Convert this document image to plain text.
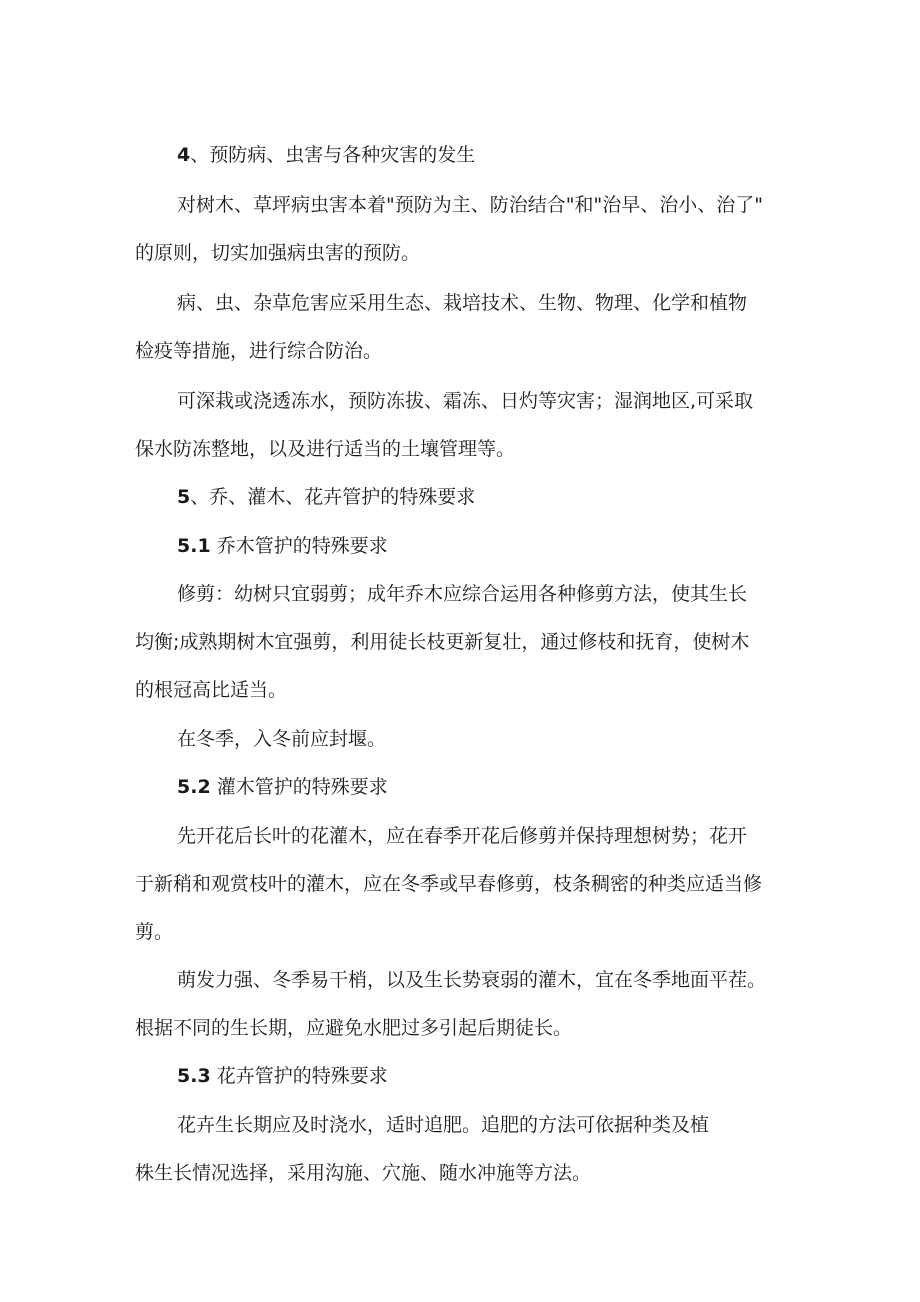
4、预防病、虫害与各种灾害的发生

对树木、草坪病虫害本着"预防为主、防治结合"和"治早、治小、治了"
的原则，切实加强病虫害的预防。

病、虫、杂草危害应采用生态、栽培技术、生物、物理、化学和植物
检疫等措施，进行综合防治。

可深栽或浇透冻水，预防冻拔、霜冻、日灼等灾害；湿润地区,可采取
保水防冻整地，以及进行适当的土壤管理等。

5、乔、灌木、花卉管护的特殊要求

5.1 乔木管护的特殊要求

修剪：幼树只宜弱剪；成年乔木应综合运用各种修剪方法，使其生长
均衡;成熟期树木宜强剪，利用徒长枝更新复壮，通过修枝和抚育，使树木
的根冠高比适当。

在冬季，入冬前应封堰。

5.2 灌木管护的特殊要求

先开花后长叶的花灌木，应在春季开花后修剪并保持理想树势；花开
于新稍和观赏枝叶的灌木，应在冬季或早春修剪，枝条稠密的种类应适当修
剪。

萌发力强、冬季易干梢，以及生长势衰弱的灌木，宜在冬季地面平茬。
根据不同的生长期，应避免水肥过多引起后期徒长。

5.3 花卉管护的特殊要求

花卉生长期应及时浇水，适时追肥。追肥的方法可依据种类及植
株生长情况选择，采用沟施、穴施、随水冲施等方法。
